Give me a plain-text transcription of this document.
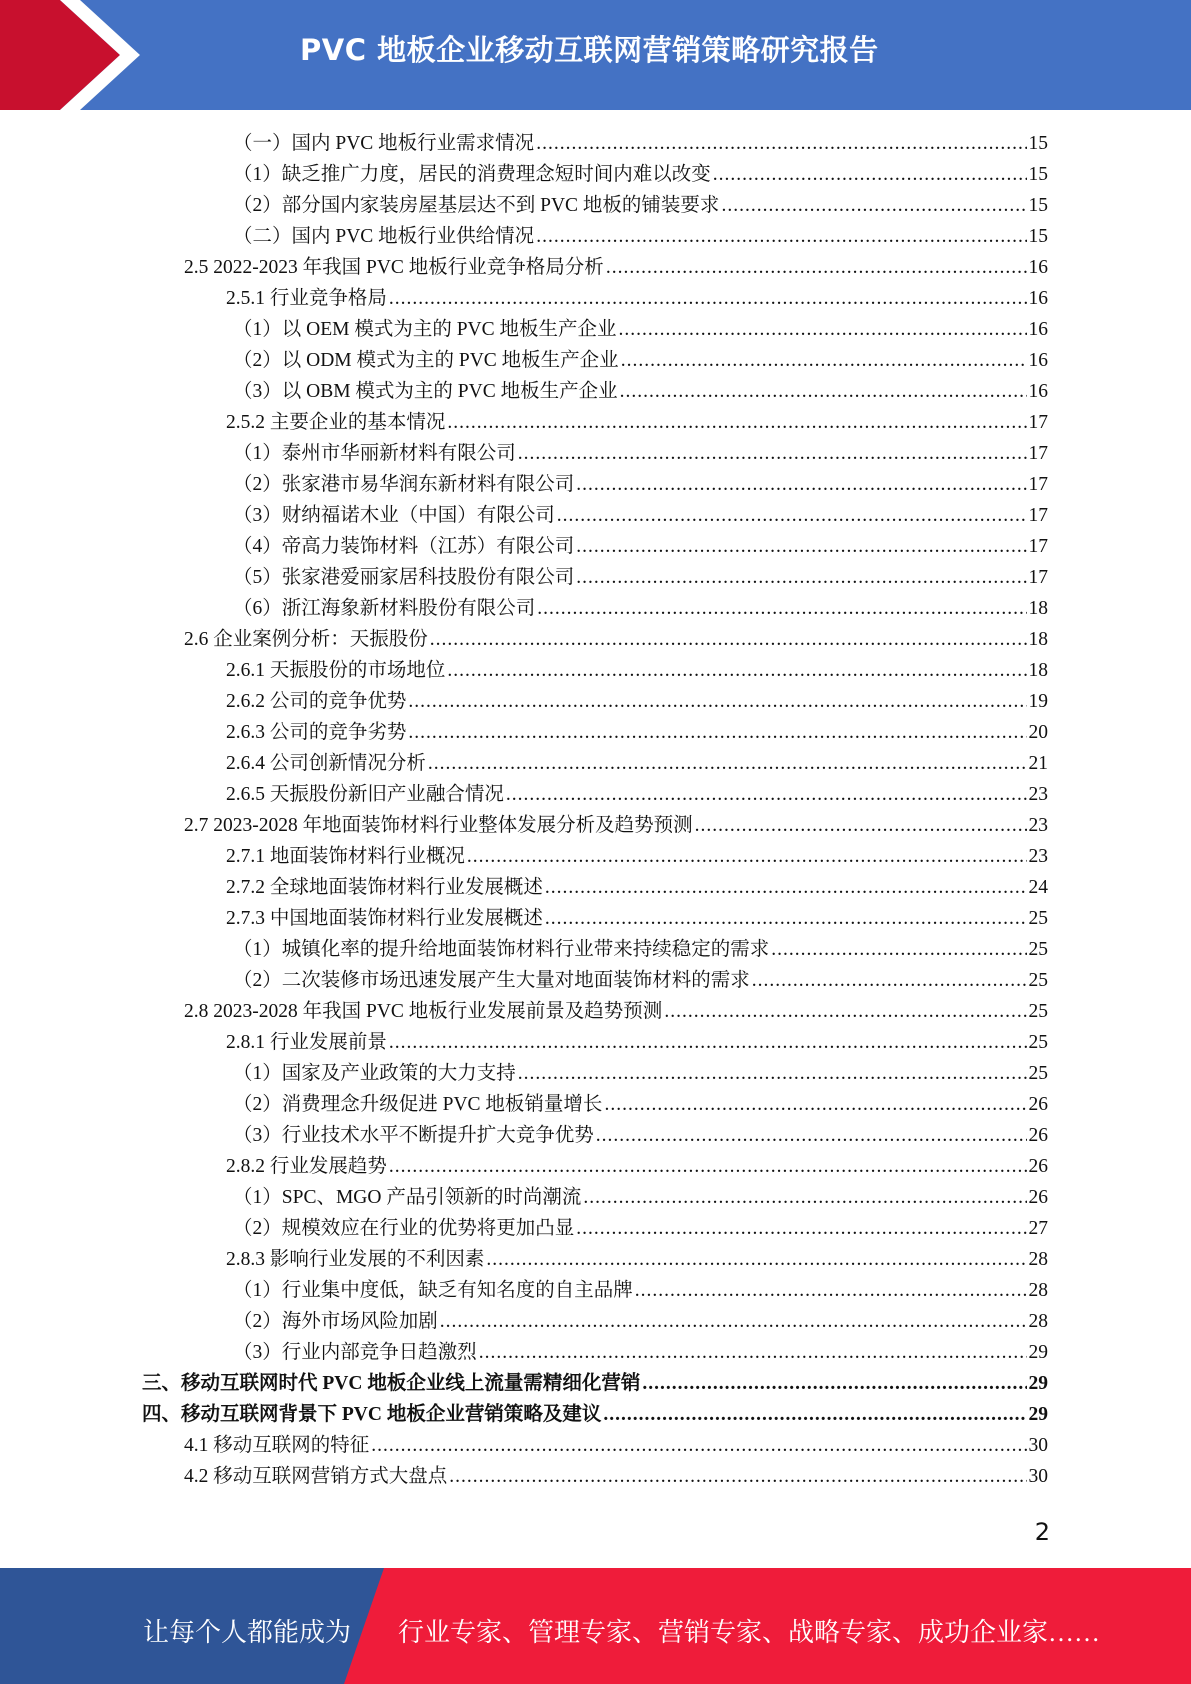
PVC 地板企业移动互联网营销策略研究报告
（一）国内 PVC 地板行业需求情况 .....	15
（1）缺乏推广力度，居民的消费理念短时间内难以改变 .....	15
（2）部分国内家装房屋基层达不到 PVC 地板的铺装要求 .....	15
（二）国内 PVC 地板行业供给情况 .....	15
2.5 2022-2023 年我国 PVC 地板行业竞争格局分析 .....	16
2.5.1 行业竞争格局 .....	16
（1）以 OEM 模式为主的 PVC 地板生产企业 .....	16
（2）以 ODM 模式为主的 PVC 地板生产企业 .....	16
（3）以 OBM 模式为主的 PVC 地板生产企业 .....	16
2.5.2 主要企业的基本情况 .....	17
（1）泰州市华丽新材料有限公司 .....	17
（2）张家港市易华润东新材料有限公司 .....	17
（3）财纳福诺木业（中国）有限公司 .....	17
（4）帝高力装饰材料（江苏）有限公司 .....	17
（5）张家港爱丽家居科技股份有限公司 .....	17
（6）浙江海象新材料股份有限公司 .....	18
2.6 企业案例分析：天振股份 .....	18
2.6.1 天振股份的市场地位 .....	18
2.6.2 公司的竞争优势 .....	19
2.6.3 公司的竞争劣势 .....	20
2.6.4 公司创新情况分析 .....	21
2.6.5 天振股份新旧产业融合情况 .....	23
2.7 2023-2028 年地面装饰材料行业整体发展分析及趋势预测 .....	23
2.7.1 地面装饰材料行业概况 .....	23
2.7.2 全球地面装饰材料行业发展概述 .....	24
2.7.3 中国地面装饰材料行业发展概述 .....	25
（1）城镇化率的提升给地面装饰材料行业带来持续稳定的需求 .....	25
（2）二次装修市场迅速发展产生大量对地面装饰材料的需求 .....	25
2.8 2023-2028 年我国 PVC 地板行业发展前景及趋势预测 .....	25
2.8.1 行业发展前景 .....	25
（1）国家及产业政策的大力支持 .....	25
（2）消费理念升级促进 PVC 地板销量增长 .....	26
（3）行业技术水平不断提升扩大竞争优势 .....	26
2.8.2 行业发展趋势 .....	26
（1）SPC、MGO 产品引领新的时尚潮流 .....	26
（2）规模效应在行业的优势将更加凸显 .....	27
2.8.3 影响行业发展的不利因素 .....	28
（1）行业集中度低，缺乏有知名度的自主品牌 .....	28
（2）海外市场风险加剧 .....	28
（3）行业内部竞争日趋激烈 .....	29
三、移动互联网时代 PVC 地板企业线上流量需精细化营销 .....	29
四、移动互联网背景下 PVC 地板企业营销策略及建议 .....	29
4.1 移动互联网的特征 .....	30
4.2 移动互联网营销方式大盘点 .....	30
2
让每个人都能成为 行业专家、管理专家、营销专家、战略专家、成功企业家……
